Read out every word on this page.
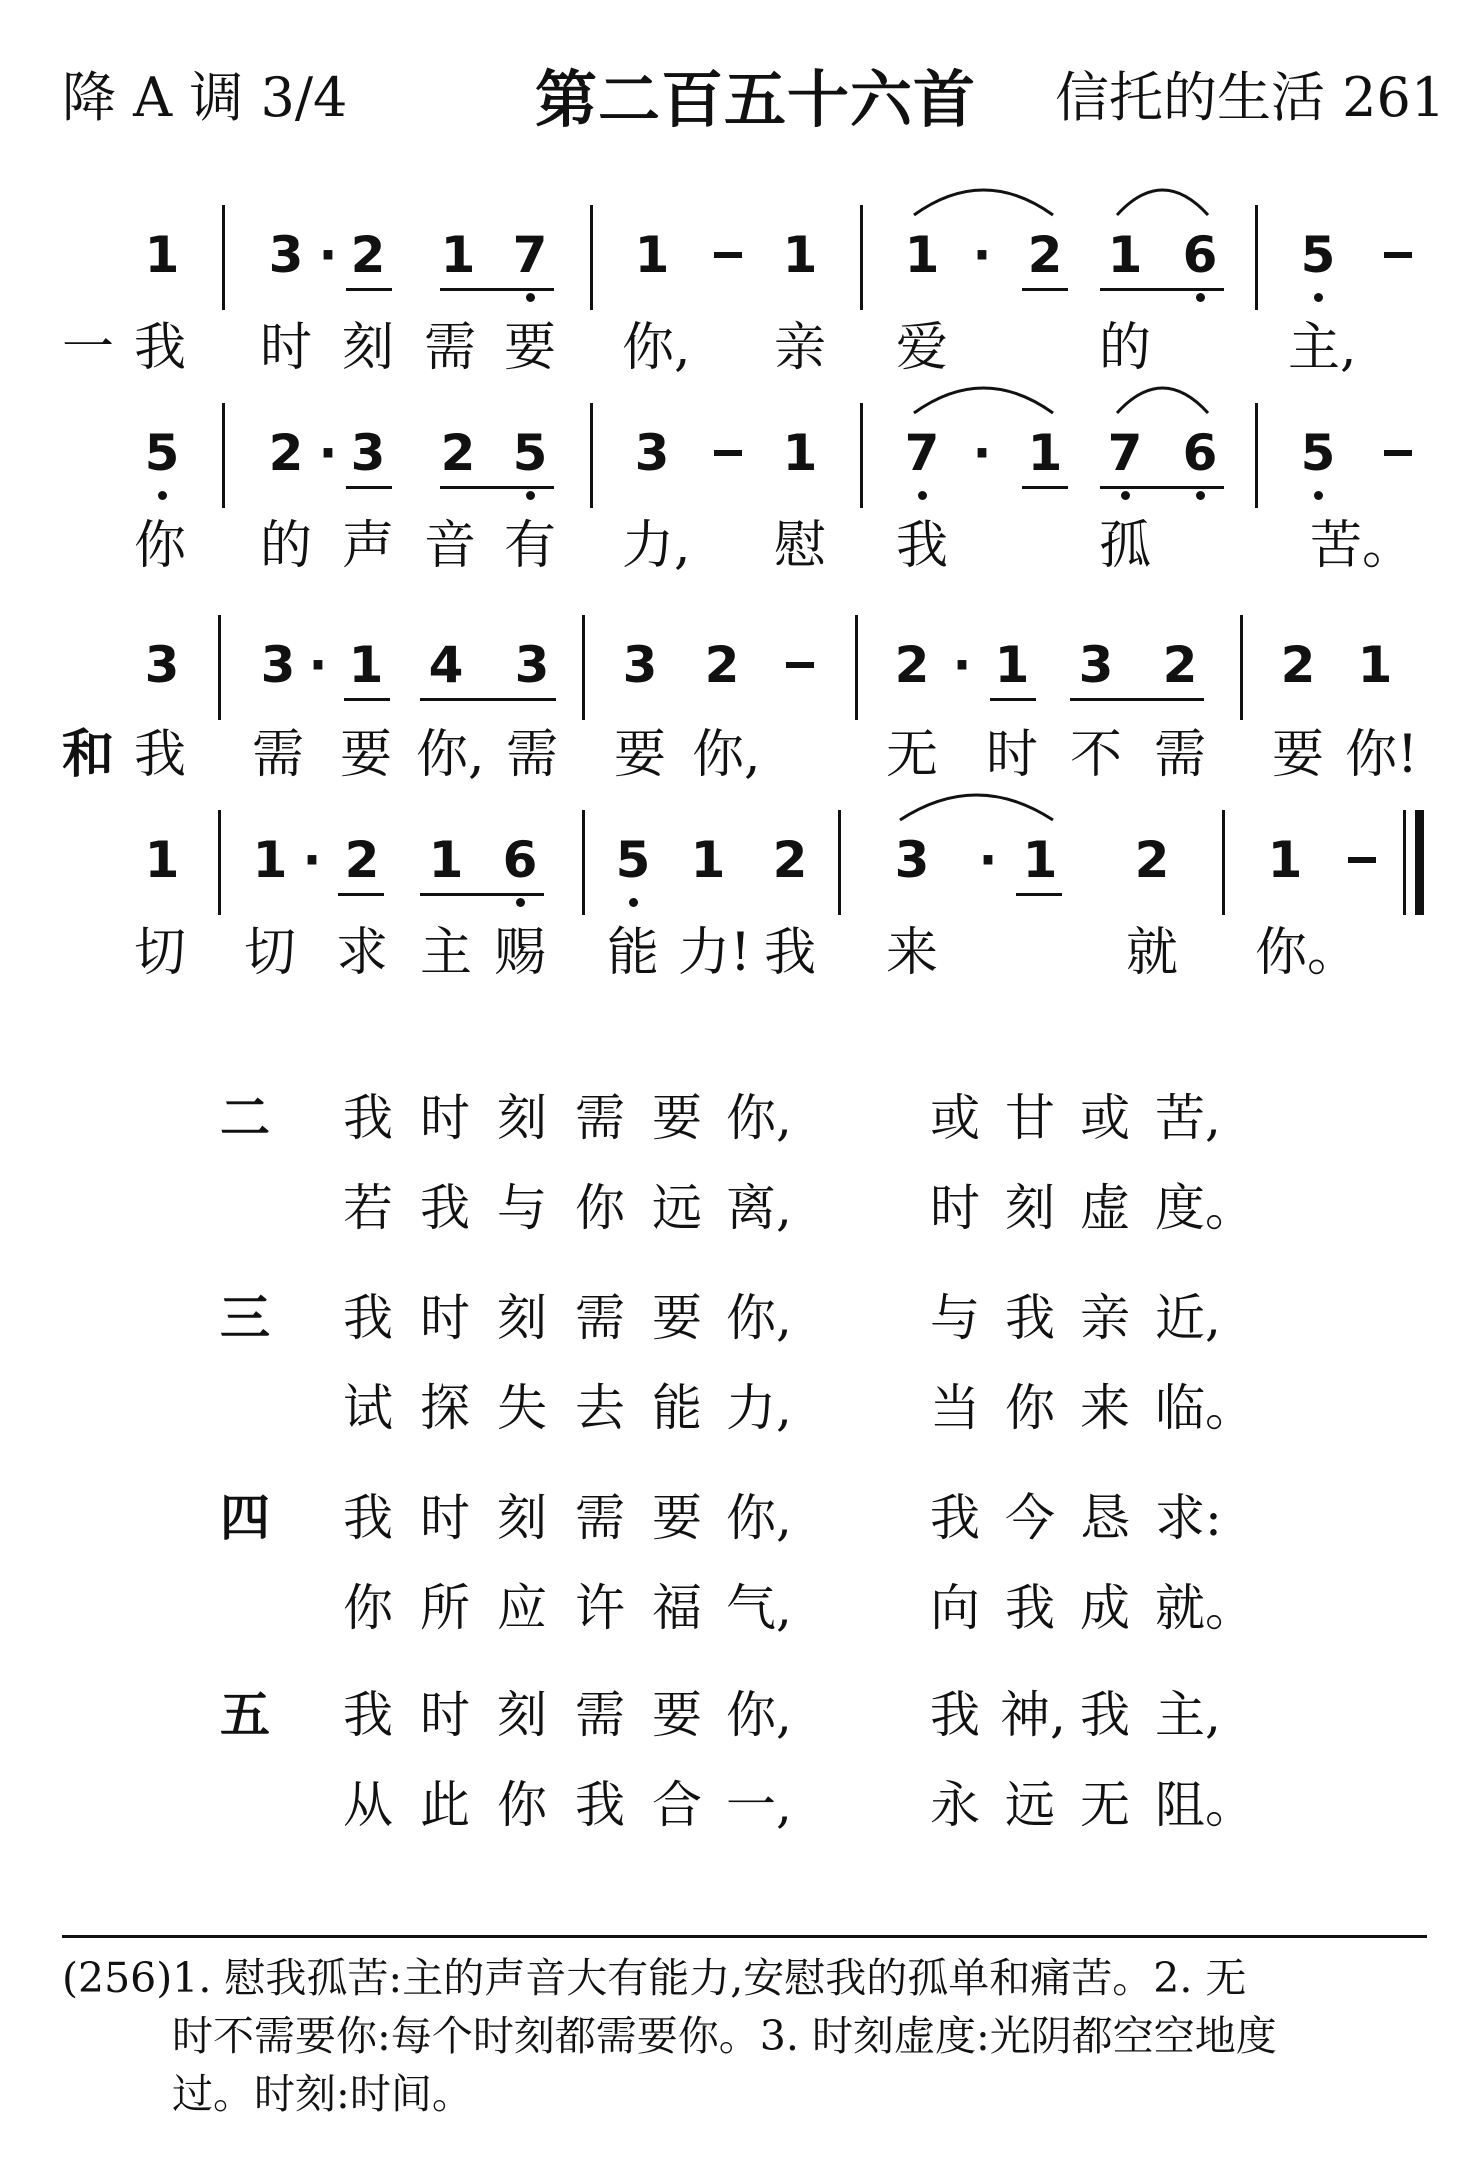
降 A 调 3/4	第二百五十六首 信托的生活 261
1 3 · 2 1 7 1 1 1 · 2 1 6 5
5 2 · 3 2 5 3 1 7 · 1 7 6 5
3 3 · 1 4 3 3 2	2 · 1 3 2 2 1
1 1 · 2 1 6 5 1 2 3 · 1 2 1
一
和
我 时 刻 需 要 你, 亲 爱	的	主,
你 的 声 音 有 力, 慰 我	孤	苦。
我 需 要 你, 需 要 你, 无 时 不 需 要 你!
切 切 求 主 赐 能 力! 我 来	就 你。
二 我 时 刻 需 要 你,	或 甘 或 苦,
若 我 与 你 远 离,	时 刻 虚 度。
三 我 时 刻 需 要 你,	与 我 亲 近,
试 探 失 去 能 力,	当 你 来 临。
四 我 时 刻 需 要 你,	我 今 恳 求:
你 所 应 许 福 气,	向 我 成 就。
五 我 时 刻 需 要 你,	我 神, 我 主,
从 此 你 我 合 一,	永 远 无 阻。
(256)1. 慰我孤苦:主的声音大有能力,安慰我的孤单和痛苦。2. 无
时不需要你:每个时刻都需要你。3. 时刻虚度:光阴都空空地度
过。时刻:时间。
